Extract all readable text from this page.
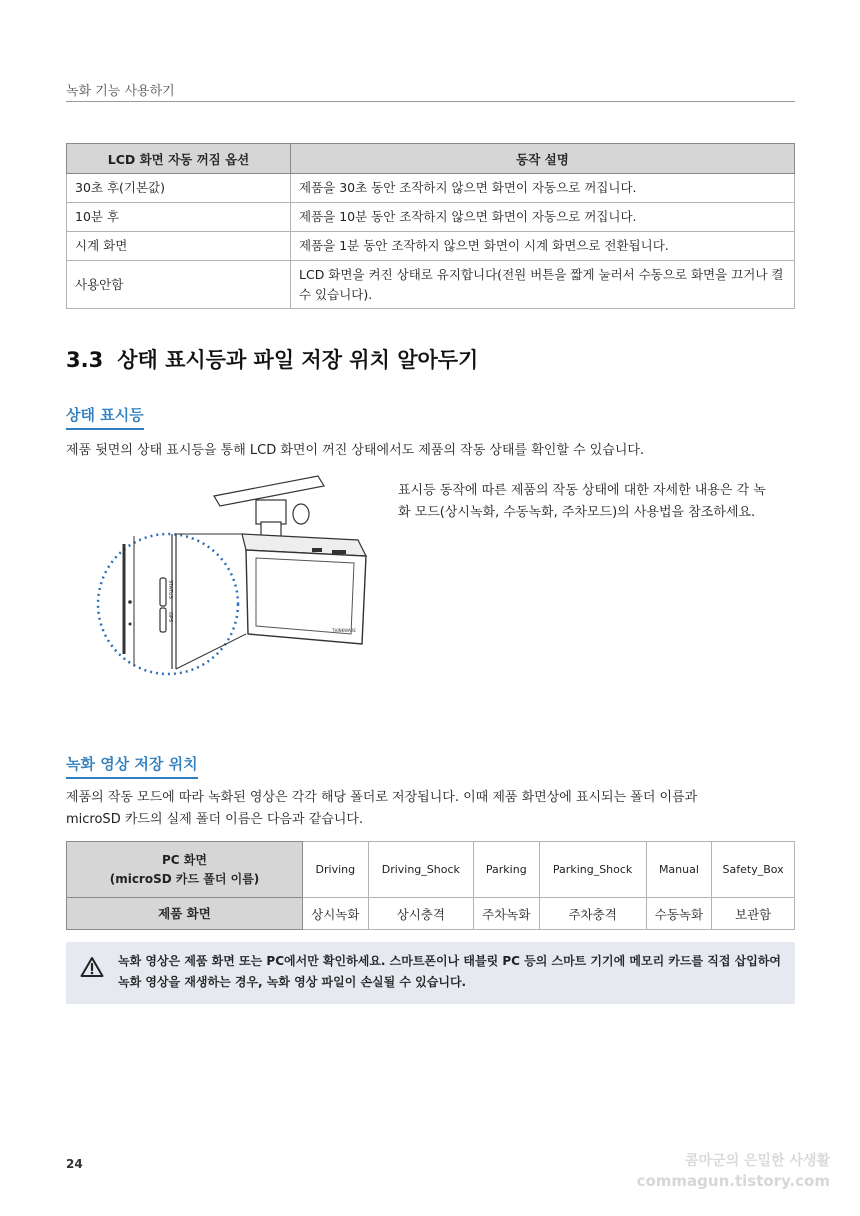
녹화 기능 사용하기
LCD 화면 자동 꺼짐 옵션	동작 설명
30초 후(기본값)	제품을 30초 동안 조작하지 않으면 화면이 자동으로 꺼집니다.
10분 후	제품을 10분 동안 조작하지 않으면 화면이 자동으로 꺼집니다.
시계 화면	제품을 1분 동안 조작하지 않으면 화면이 시계 화면으로 전환됩니다.
사용안함	LCD 화면을 켜진 상태로 유지합니다(전원 버튼을 짧게 눌러서 수동으로 화면을 끄거나 켤 수 있습니다).
3.3 상태 표시등과 파일 저장 위치 알아두기
상태 표시등
제품 뒷면의 상태 표시등을 통해 LCD 화면이 꺼진 상태에서도 제품의 작동 상태를 확인할 수 있습니다.
THINKWARE
STATUS
GPS
표시등 동작에 따른 제품의 작동 상태에 대한 자세한 내용은 각 녹화 모드(상시녹화, 수동녹화, 주차모드)의 사용법을 참조하세요.
녹화 영상 저장 위치
제품의 작동 모드에 따라 녹화된 영상은 각각 해당 폴더로 저장됩니다. 이때 제품 화면상에 표시되는 폴더 이름과
microSD 카드의 실제 폴더 이름은 다음과 같습니다.
PC 화면
(microSD 카드 폴더 이름)	Driving	Driving_Shock	Parking	Parking_Shock	Manual	Safety_Box
제품 화면	상시녹화	상시충격	주차녹화	주차충격	수동녹화	보관함
녹화 영상은 제품 화면 또는 PC에서만 확인하세요. 스마트폰이나 태블릿 PC 등의 스마트 기기에 메모리 카드를 직접 삽입하여 녹화 영상을 재생하는 경우, 녹화 영상 파일이 손실될 수 있습니다.
24	콤마군의 은밀한 사생활
commagun.tistory.com
